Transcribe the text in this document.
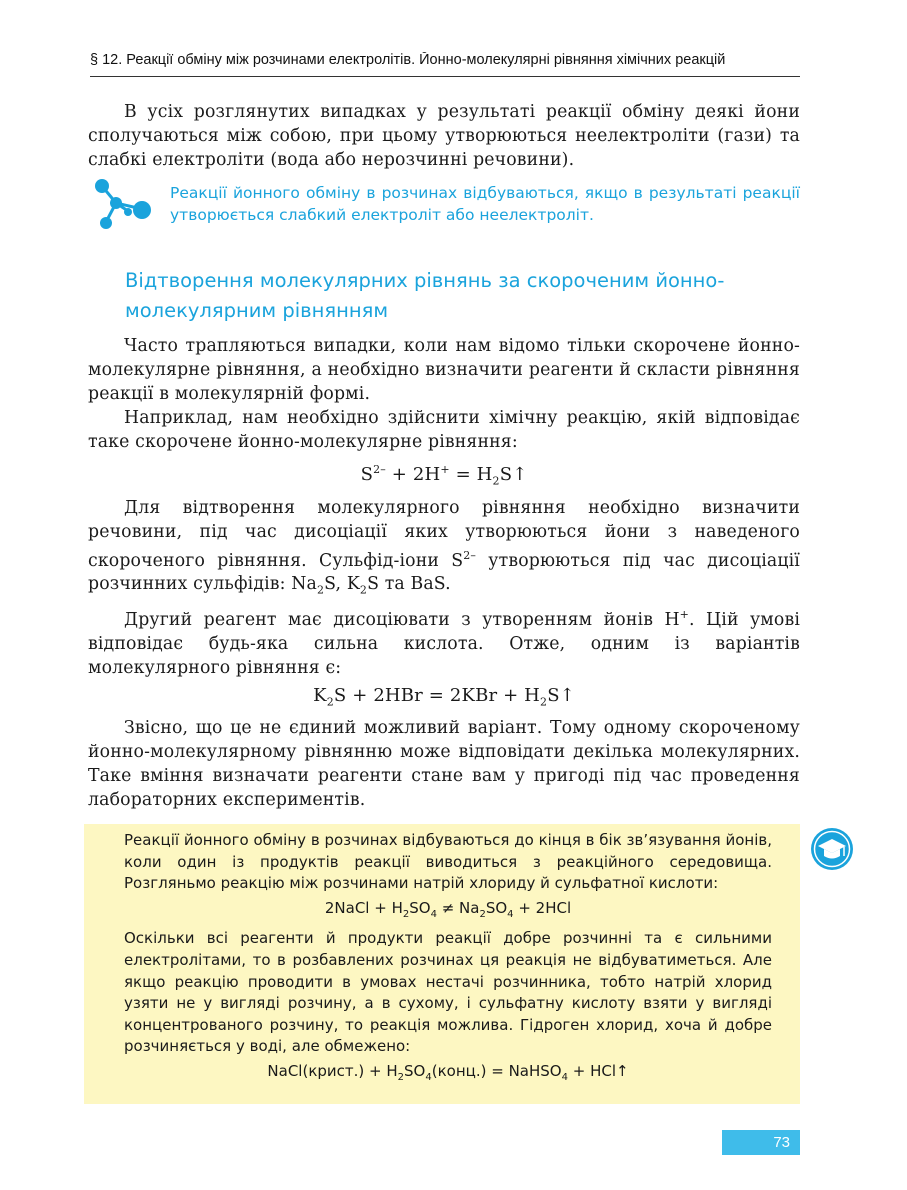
§ 12. Реакції обміну між розчинами електролітів. Йонно-молекулярні рівняння хімічних реакцій

В усіх розглянутих випадках у результаті реакції обміну деякі йони сполучаються між собою, при цьому утворюються неелектроліти (гази) та слабкі електроліти (вода або нерозчинні речовини).

Реакції йонного обміну в розчинах відбуваються, якщо в результаті реакції утворюється слабкий електроліт або неелектроліт.
Відтворення молекулярних рівнянь за скороченим йонно-молекулярним рівнянням

Часто трапляються випадки, коли нам відомо тільки скорочене йонно-молекулярне рівняння, а необхідно визначити реагенти й скласти рівняння реакції в молекулярній формі.

Наприклад, нам необхідно здійснити хімічну реакцію, якій відповідає таке скорочене йонно-молекулярне рівняння:

$S^{2-} + 2H^+$ = $H_2S↑$

Для відтворення молекулярного рівняння необхідно визначити речовини, під час дисоціації яких утворюються йони з наведеного скороченого рівняння. Сульфід-іони $S^{2-}$ утворюються під час дисоціації розчинних сульфідів: $Na_2S$, $K_2S$ та BaS.

Другий реагент має дисоціювати з утворенням йонів H+. Цій умові відповідає будь-яка сильна кислота. Отже, одним із варіантів молекулярного рівняння є:

$K_2S + 2HBr = 2KBr$ + $H_2S↑$

Звісно, що це не єдиний можливий варіант. Тому одному скороченому йонно-молекулярному рівнянню може відповідати декілька молекулярних. Таке вміння визначати реагенти стане вам у пригоді під час проведення лабораторних експериментів.

Реакції йонного обміну в розчинах відбуваються до кінця в бік зв’язування йонів, коли один із продуктів реакції виводиться з реакційного середовища. Розгляньмо реакцію між розчинами натрій хлориду й сульфатної кислоти:

2NaCl + $H_2SO_4 \ne Na_2SO_4 + 2HCl$

Оскільки всі реагенти й продукти реакції добре розчинні та є сильними електролітами, то в розбавлених розчинах ця реакція не відбуватиметься. Але якщо реакцію проводити в умовах нестачі розчинника, тобто натрій хлорид узяти не у вигляді розчину, а в сухому, і сульфатну кислоту взяти у вигляді концентрованого розчину, то реакція можлива. Гідроген хлорид, хоча й добре розчиняється у воді, але обмежено:

NaCl(крист.) + $H_2SO_4(конц.)$ = NaHSO$_4$ + HCl↑
73
